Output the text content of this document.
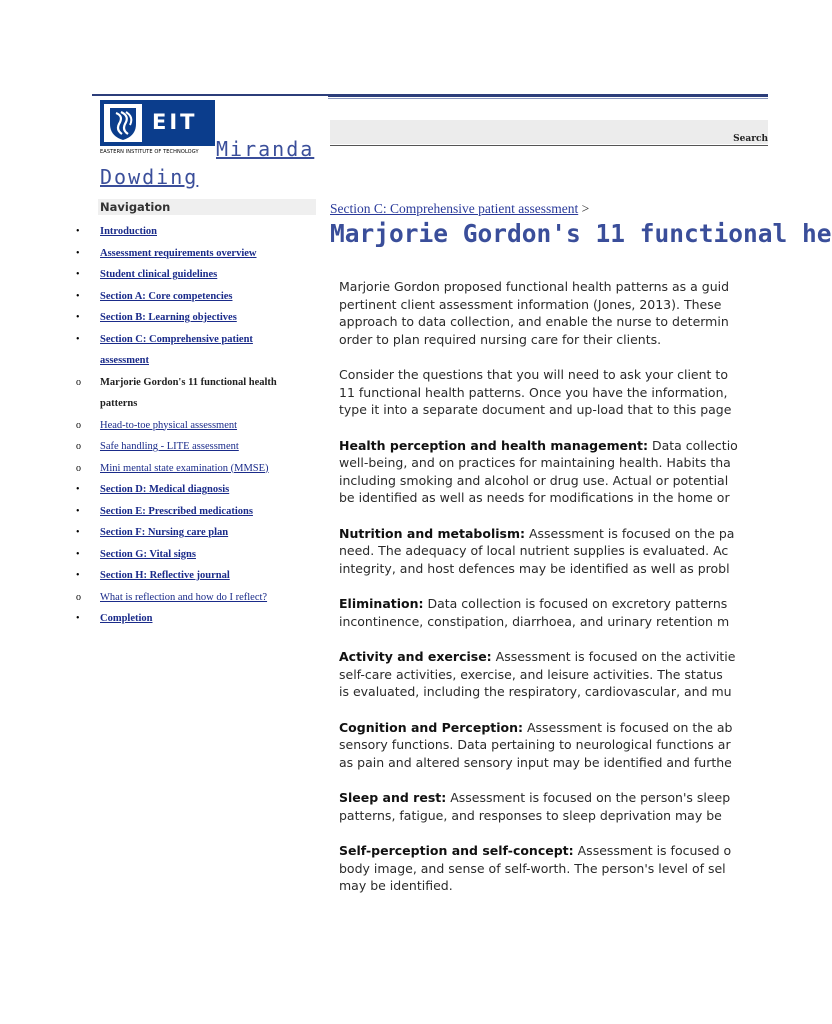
EIT
EASTERN INSTITUTE OF TECHNOLOGY Miranda
Dowding
Search
Navigation
•	Introduction
•	Assessment requirements overview
•	Student clinical guidelines
•	Section A: Core competencies
•	Section B: Learning objectives
•	Section C: Comprehensive patient
assessment
o	Marjorie Gordon's 11 functional health
patterns
o	Head-to-toe physical assessment
o	Safe handling - LITE assessment
o	Mini mental state examination (MMSE)
•	Section D: Medical diagnosis
•	Section E: Prescribed medications
•	Section F: Nursing care plan
•	Section G: Vital signs
•	Section H: Reflective journal
o	What is reflection and how do I reflect?
•	Completion
Section C: Comprehensive patient assessment >
Marjorie Gordon's 11 functional he

Marjorie Gordon proposed functional health patterns as a guid
pertinent client assessment information (Jones, 2013). These
approach to data collection, and enable the nurse to determin
order to plan required nursing care for their clients.

Consider the questions that you will need to ask your client to
11 functional health patterns. Once you have the information,
type it into a separate document and up-load that to this page

Health perception and health management: Data collectio
well-being, and on practices for maintaining health. Habits tha
including smoking and alcohol or drug use. Actual or potential
be identified as well as needs for modifications in the home or

Nutrition and metabolism: Assessment is focused on the pa
need. The adequacy of local nutrient supplies is evaluated. Ac
integrity, and host defences may be identified as well as probl

Elimination: Data collection is focused on excretory patterns
incontinence, constipation, diarrhoea, and urinary retention m

Activity and exercise: Assessment is focused on the activitie
self-care activities, exercise, and leisure activities. The status
is evaluated, including the respiratory, cardiovascular, and mu

Cognition and Perception: Assessment is focused on the ab
sensory functions. Data pertaining to neurological functions ar
as pain and altered sensory input may be identified and furthe

Sleep and rest: Assessment is focused on the person's sleep
patterns, fatigue, and responses to sleep deprivation may be

Self-perception and self-concept: Assessment is focused o
body image, and sense of self-worth. The person's level of sel
may be identified.
